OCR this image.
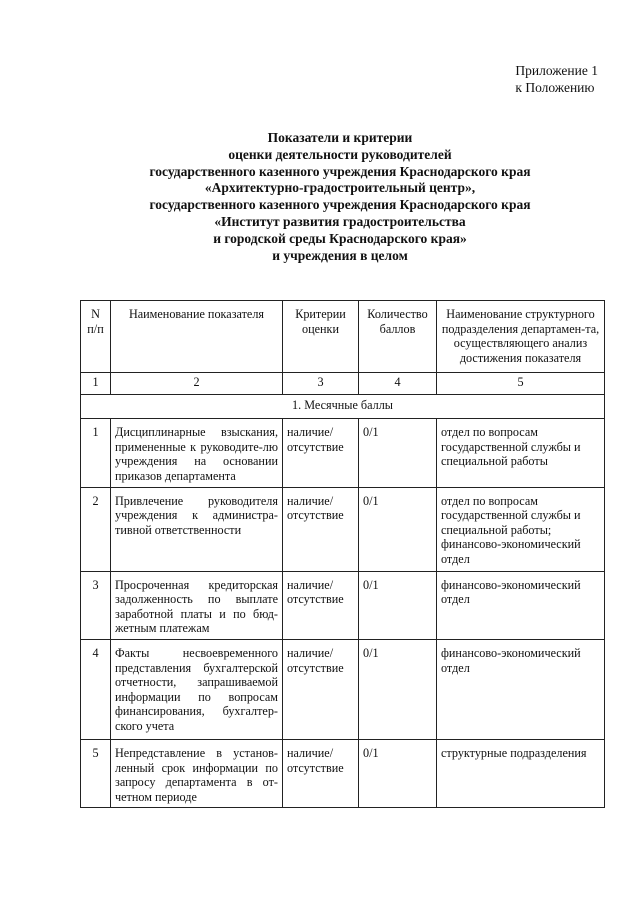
Приложение 1
к Положению
Показатели и критерии
оценки деятельности руководителей
государственного казенного учреждения Краснодарского края
«Архитектурно-градостроительный центр»,
государственного казенного учреждения Краснодарского края
«Институт развития градостроительства
и городской среды Краснодарского края»
и учреждения в целом
N п/п	Наименование показателя	Критерии оценки	Количество баллов	Наименование структурного подразделения департамен-та, осуществляющего анализ достижения показателя
1	2	3	4	5
1. Месячные баллы				
1	Дисциплинарные взыскания, примененные к руководите-лю учреждения на основании приказов департамента	наличие/ отсутствие	0/1	отдел по вопросам государственной службы и специальной работы
2	Привлечение руководителя учреждения к администра-тивной ответственности	наличие/ отсутствие	0/1	отдел по вопросам государственной службы и специальной работы; финансово-экономический отдел
3	Просроченная кредиторская задолженность по выплате заработной платы и по бюд-жетным платежам	наличие/ отсутствие	0/1	финансово-экономический отдел
4	Факты несвоевременного представления бухгалтерской отчетности, запрашиваемой информации по вопросам финансирования, бухгалтер-ского учета	наличие/ отсутствие	0/1	финансово-экономический отдел
5	Непредставление в установ-ленный срок информации по запросу департамента в от-четном периоде	наличие/ отсутствие	0/1	структурные подразделения
